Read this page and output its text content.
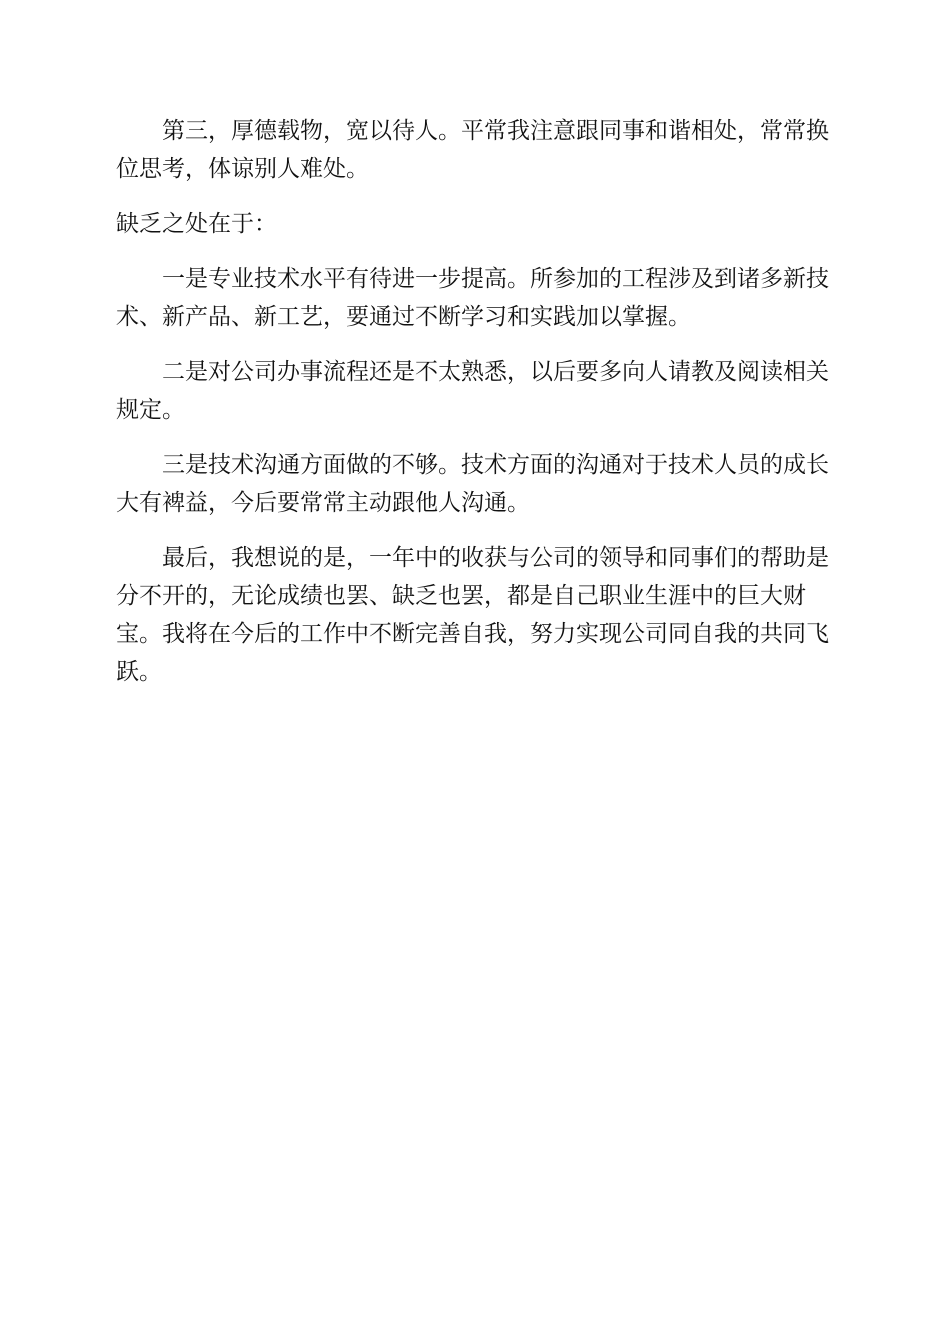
第三，厚德载物，宽以待人。平常我注意跟同事和谐相处，常常换位思考，体谅别人难处。

缺乏之处在于：

一是专业技术水平有待进一步提高。所参加的工程涉及到诸多新技术、新产品、新工艺，要通过不断学习和实践加以掌握。

二是对公司办事流程还是不太熟悉，以后要多向人请教及阅读相关规定。

三是技术沟通方面做的不够。技术方面的沟通对于技术人员的成长大有裨益，今后要常常主动跟他人沟通。

最后，我想说的是，一年中的收获与公司的领导和同事们的帮助是分不开的，无论成绩也罢、缺乏也罢，都是自己职业生涯中的巨大财宝。我将在今后的工作中不断完善自我，努力实现公司同自我的共同飞跃。
